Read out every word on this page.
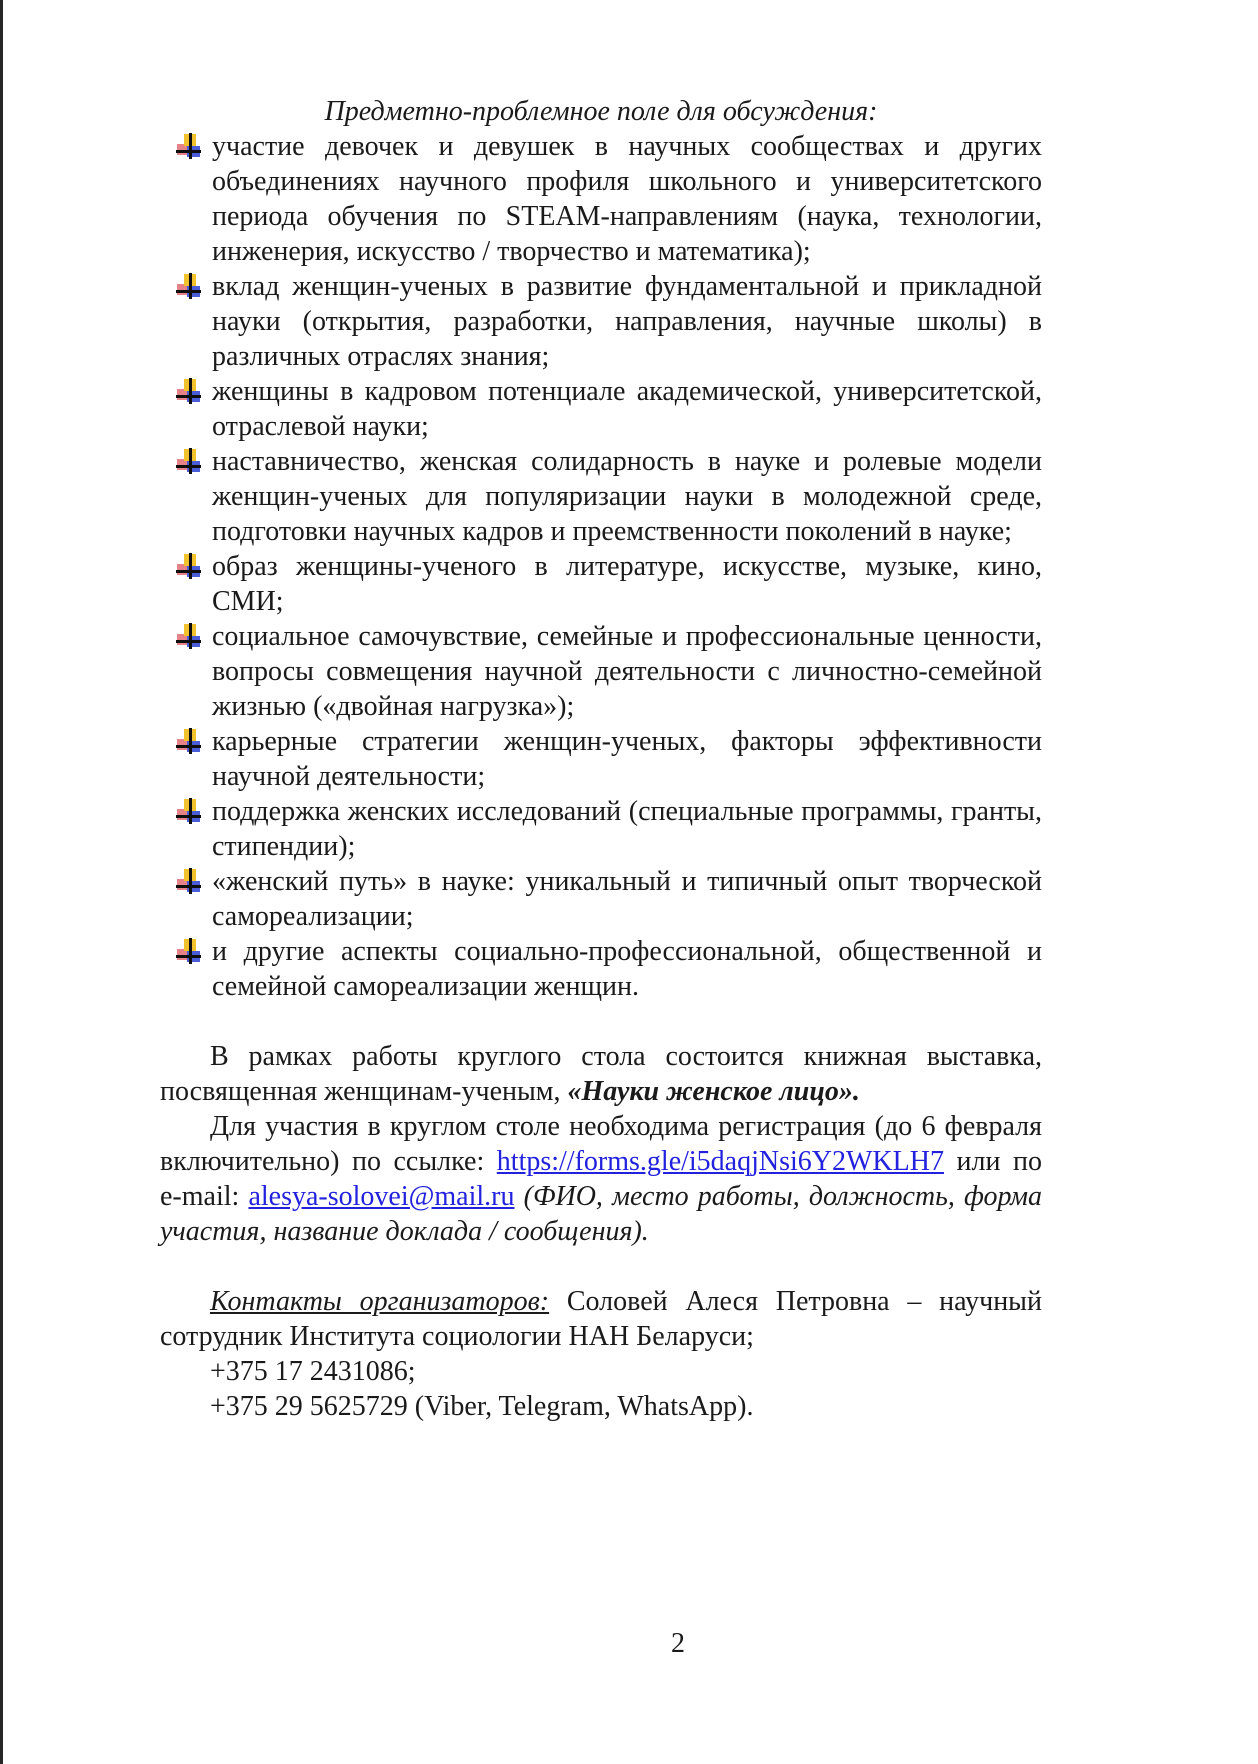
Предметно-проблемное поле для обсуждения:
участие девочек и девушек в научных сообществах и других объединениях научного профиля школьного и университетского периода обучения по STEAM-направлениям (наука, технологии, инженерия, искусство / творчество и математика);
вклад женщин-ученых в развитие фундаментальной и прикладной науки (открытия, разработки, направления, научные школы) в различных отраслях знания;
женщины в кадровом потенциале академической, университетской, отраслевой науки;
наставничество, женская солидарность в науке и ролевые модели женщин-ученых для популяризации науки в молодежной среде, подготовки научных кадров и преемственности поколений в науке;
образ женщины-ученого в литературе, искусстве, музыке, кино, СМИ;
социальное самочувствие, семейные и профессиональные ценности, вопросы совмещения научной деятельности с личностно-семейной жизнью («двойная нагрузка»);
карьерные стратегии женщин-ученых, факторы эффективности научной деятельности;
поддержка женских исследований (специальные программы, гранты, стипендии);
«женский путь» в науке: уникальный и типичный опыт творческой самореализации;
и другие аспекты социально-профессиональной, общественной и семейной самореализации женщин.

В рамках работы круглого стола состоится книжная выставка, посвященная женщинам-ученым, «Науки женское лицо».

Для участия в круглом столе необходима регистрация (до 6 февраля включительно) по ссылке: https://forms.gle/i5daqjNsi6Y2WKLH7 или по e-mail: alesya-solovei@mail.ru (ФИО, место работы, должность, форма участия, название доклада / сообщения).

Контакты организаторов: Соловей Алеся Петровна – научный сотрудник Института социологии НАН Беларуси;

+375 17 2431086;

+375 29 5625729 (Viber, Telegram, WhatsApp).

2
